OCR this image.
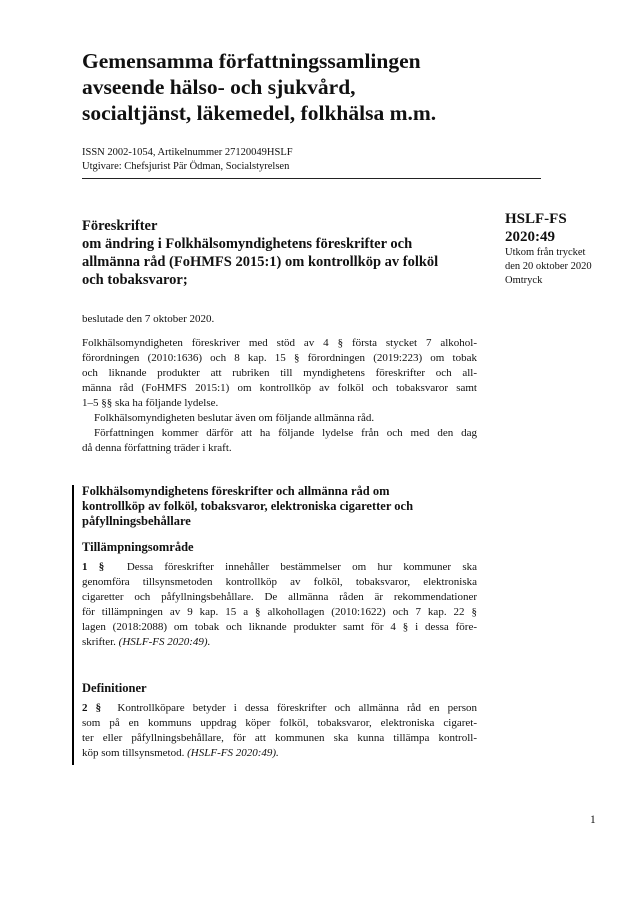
Gemensamma författningssamlingen
avseende hälso- och sjukvård,
socialtjänst, läkemedel, folkhälsa m.m.
ISSN 2002-1054, Artikelnummer 27120049HSLF
Utgivare: Chefsjurist Pär Ödman, Socialstyrelsen
HSLF-FS
2020:49
Utkom från trycket
den 20 oktober 2020
Omtryck
Föreskrifter
om ändring i Folkhälsomyndighetens föreskrifter och
allmänna råd (FoHMFS 2015:1) om kontrollköp av folköl
och tobaksvaror;
beslutade den 7 oktober 2020.
Folkhälsomyndigheten föreskriver med stöd av 4 § första stycket 7 alkohol-
förordningen (2010:1636) och 8 kap. 15 § förordningen (2019:223) om tobak
och liknande produkter att rubriken till myndighetens föreskrifter och all-
männa råd (FoHMFS 2015:1) om kontrollköp av folköl och tobaksvaror samt
1–5 §§ ska ha följande lydelse.
Folkhälsomyndigheten beslutar även om följande allmänna råd.
Författningen kommer därför att ha följande lydelse från och med den dag
då denna författning träder i kraft.
Folkhälsomyndighetens föreskrifter och allmänna råd om
kontrollköp av folköl, tobaksvaror, elektroniska cigaretter och
påfyllningsbehållare
Tillämpningsområde
1 § Dessa föreskrifter innehåller bestämmelser om hur kommuner ska
genomföra tillsynsmetoden kontrollköp av folköl, tobaksvaror, elektroniska
cigaretter och påfyllningsbehållare. De allmänna råden är rekommendationer
för tillämpningen av 9 kap. 15 a § alkohollagen (2010:1622) och 7 kap. 22 §
lagen (2018:2088) om tobak och liknande produkter samt för 4 § i dessa före-
skrifter. (HSLF-FS 2020:49).
Definitioner
2 § Kontrollköpare betyder i dessa föreskrifter och allmänna råd en person
som på en kommuns uppdrag köper folköl, tobaksvaror, elektroniska cigaret-
ter eller påfyllningsbehållare, för att kommunen ska kunna tillämpa kontroll-
köp som tillsynsmetod. (HSLF-FS 2020:49).
1
